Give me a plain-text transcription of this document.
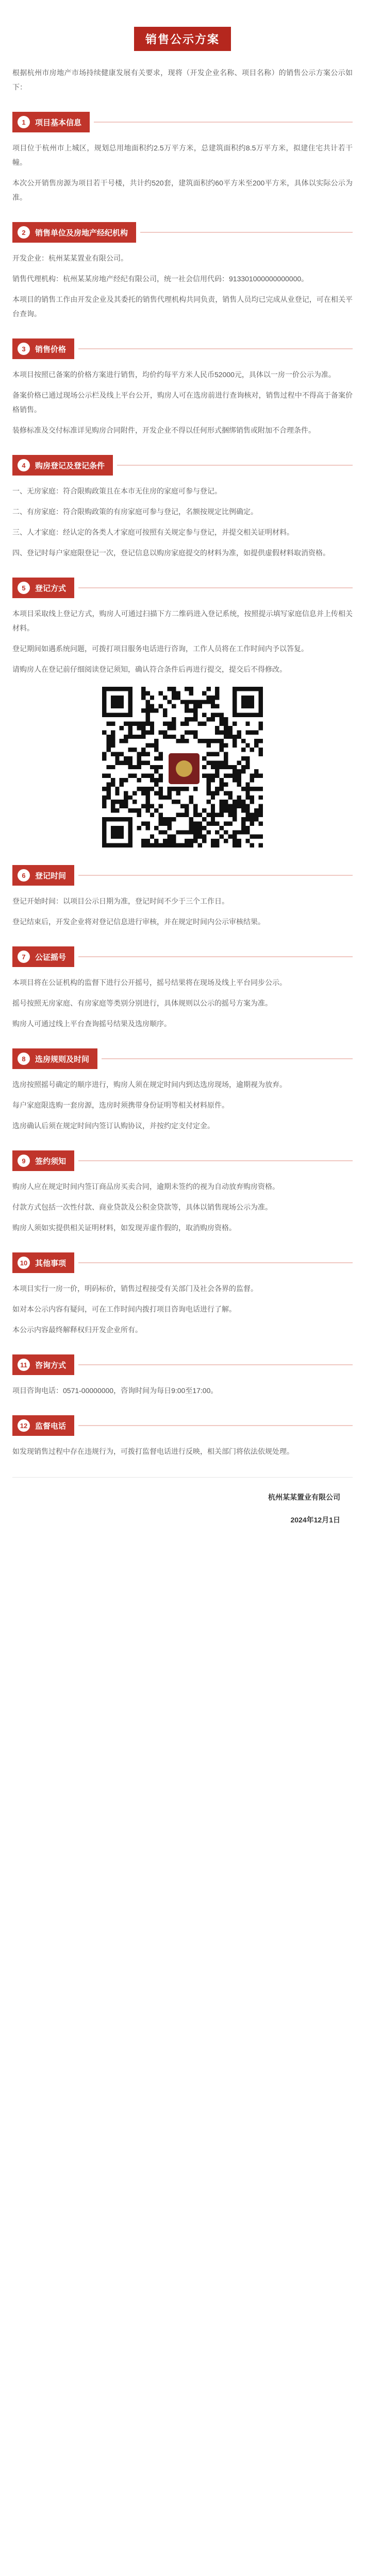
销售公示方案

根据杭州市房地产市场持续健康发展有关要求，现将（开发企业名称、项目名称）的销售公示方案公示如下：

1	项目基本信息

项目位于杭州市上城区，规划总用地面积约2.5万平方米，总建筑面积约8.5万平方米，拟建住宅共计若干幢。

本次公开销售房源为项目若干号楼，共计约520套，建筑面积约60平方米至200平方米，具体以实际公示为准。

2	销售单位及房地产经纪机构

开发企业：杭州某某置业有限公司。

销售代理机构：杭州某某房地产经纪有限公司，统一社会信用代码：913301000000000000。

本项目的销售工作由开发企业及其委托的销售代理机构共同负责，销售人员均已完成从业登记，可在相关平台查询。

3	销售价格

本项目按照已备案的价格方案进行销售，均价约每平方米人民币52000元，具体以一房一价公示为准。

备案价格已通过现场公示栏及线上平台公开，购房人可在选房前进行查询核对，销售过程中不得高于备案价格销售。

装修标准及交付标准详见购房合同附件，开发企业不得以任何形式捆绑销售或附加不合理条件。

4	购房登记及登记条件

一、无房家庭：符合限购政策且在本市无住房的家庭可参与登记。

二、有房家庭：符合限购政策的有房家庭可参与登记，名额按规定比例确定。

三、人才家庭：经认定的各类人才家庭可按照有关规定参与登记，并提交相关证明材料。

四、登记时每户家庭限登记一次，登记信息以购房家庭提交的材料为准，如提供虚假材料取消资格。

5	登记方式

本项目采取线上登记方式，购房人可通过扫描下方二维码进入登记系统，按照提示填写家庭信息并上传相关材料。

登记期间如遇系统问题，可拨打项目服务电话进行咨询，工作人员将在工作时间内予以答复。

请购房人在登记前仔细阅读登记须知，确认符合条件后再进行提交，提交后不得修改。

6	登记时间

登记开始时间：以项目公示日期为准，登记时间不少于三个工作日。

登记结束后，开发企业将对登记信息进行审核，并在规定时间内公示审核结果。

7	公证摇号

本项目将在公证机构的监督下进行公开摇号，摇号结果将在现场及线上平台同步公示。

摇号按照无房家庭、有房家庭等类别分别进行，具体规则以公示的摇号方案为准。

购房人可通过线上平台查询摇号结果及选房顺序。

8	选房规则及时间

选房按照摇号确定的顺序进行，购房人须在规定时间内到达选房现场，逾期视为放弃。

每户家庭限选购一套房源，选房时须携带身份证明等相关材料原件。

选房确认后须在规定时间内签订认购协议，并按约定支付定金。

9	签约须知

购房人应在规定时间内签订商品房买卖合同，逾期未签约的视为自动放弃购房资格。

付款方式包括一次性付款、商业贷款及公积金贷款等，具体以销售现场公示为准。

购房人须如实提供相关证明材料，如发现弄虚作假的，取消购房资格。

10 其他事项

本项目实行一房一价，明码标价，销售过程接受有关部门及社会各界的监督。

如对本公示内容有疑问，可在工作时间内拨打项目咨询电话进行了解。

本公示内容最终解释权归开发企业所有。

11	咨询方式

项目咨询电话：0571-00000000，咨询时间为每日9:00至17:00。

12 监督电话

如发现销售过程中存在违规行为，可拨打监督电话进行反映，相关部门将依法依规处理。

杭州某某置业有限公司

2024年12月1日
